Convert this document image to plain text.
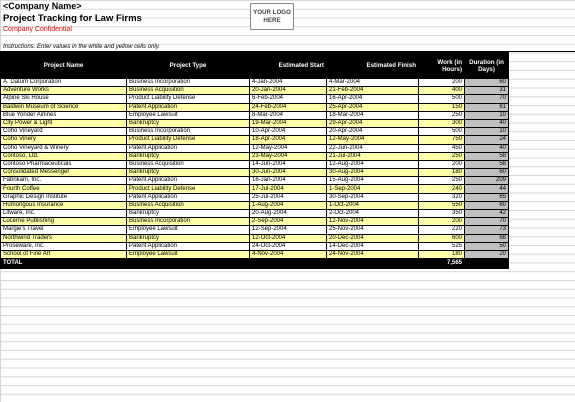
<Company Name>
Project Tracking for Law Firms
Company Confidential
YOUR LOGO HERE
Instructions: Enter values in the white and yellow cells only.
Project Name	Project Type	Estimated Start	Estimated Finish	Work (in Hours)	Duration (in Days)
A. Datum Corporation	Business Incorporation	4-Jan-2004	4-Mar-2004	200	60
Adventure Works	Business Acquisition	20-Jan-2004	21-Feb-2004	400	31
Alpine Ski House	Product Liability Defense	6-Feb-2004	16-Apr-2004	500	70
Baldwin Museum of Science	Patent Application	24-Feb-2004	25-Apr-2004	150	61
Blue Yonder Airlines	Employee Lawsuit	8-Mar-2004	18-Mar-2004	250	10
City Power & Light	Bankruptcy	19-Mar-2004	29-Apr-2004	300	40
Coho Vineyard	Business Incorporation	10-Apr-2004	20-Apr-2004	500	10
Coho Vinery	Product Liability Defense	18-Apr-2004	12-May-2004	750	24
Coho Vineyard & Winery	Patent Application	12-May-2004	22-Jun-2004	450	40
Contoso, Ltd.	Bankruptcy	23-May-2004	21-Jul-2004	250	58
Contoso Pharmaceuticals	Business Acquisition	14-Jun-2004	12-Aug-2004	200	58
Consolidated Messenger	Bankruptcy	30-Jun-2004	30-Aug-2004	180	60
Fabrikam, Inc.	Patent Application	16-Jan-2004	15-Aug-2004	250	209
Fourth Coffee	Product Liability Defense	17-Jul-2004	1-Sep-2004	240	44
Graphic Design Institute	Patent Application	25-Jul-2004	30-Sep-2004	320	65
Humongous Insurance	Business Acquisition	1-Aug-2004	1-Oct-2004	550	60
Litware, Inc.	Bankruptcy	20-Aug-2004	2-Oct-2004	350	42
Lucerne Publishing	Business Incorporation	2-Sep-2004	12-Nov-2004	200	70
Margie's Travel	Employee Lawsuit	12-Sep-2004	25-Nov-2004	220	73
Northwind Traders	Bankruptcy	12-Oct-2004	20-Dec-2004	600	68
Proseware, Inc.	Patent Application	24-Oct-2004	14-Dec-2004	525	50
School of Fine Art	Employee Lawsuit	4-Nov-2004	24-Nov-2004	180	20
TOTAL				7,565	
